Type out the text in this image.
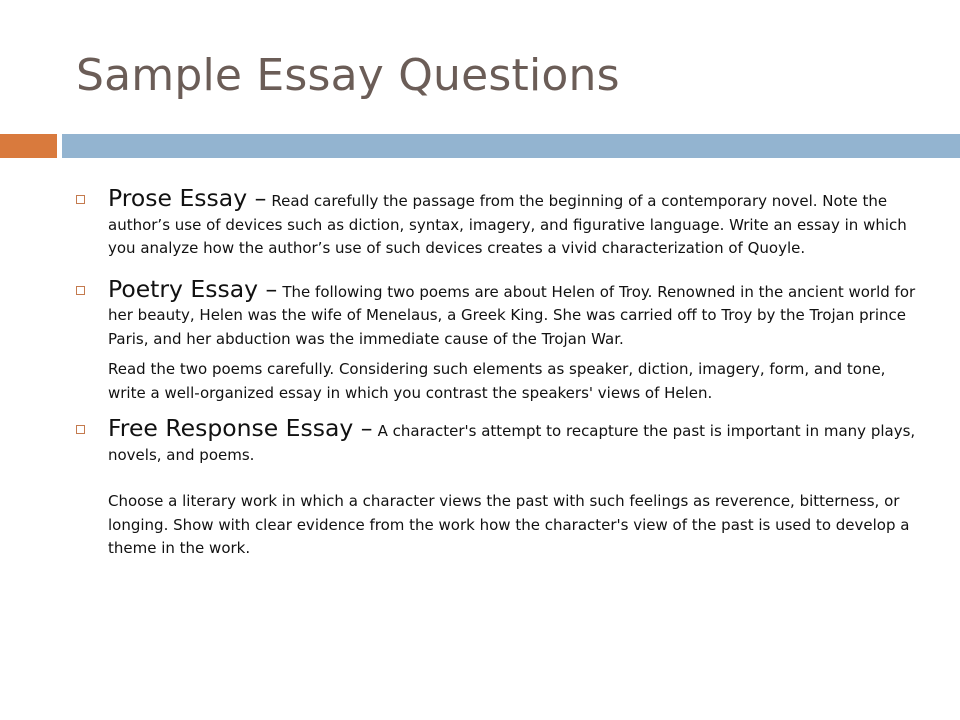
Sample Essay Questions
Prose Essay – Read carefully the passage from the beginning of a contemporary novel. Note the author’s use of devices such as diction, syntax, imagery, and figurative language. Write an essay in which you analyze how the author’s use of such devices creates a vivid characterization of Quoyle.
Poetry Essay – The following two poems are about Helen of Troy. Renowned in the ancient world for her beauty, Helen was the wife of Menelaus, a Greek King. She was carried off to Troy by the Trojan prince Paris, and her abduction was the immediate cause of the Trojan War.
Read the two poems carefully. Considering such elements as speaker, diction, imagery, form, and tone, write a well-organized essay in which you contrast the speakers' views of Helen.
Free Response Essay – A character's attempt to recapture the past is important in many plays, novels, and poems.
Choose a literary work in which a character views the past with such feelings as reverence, bitterness, or longing. Show with clear evidence from the work how the character's view of the past is used to develop a theme in the work.
